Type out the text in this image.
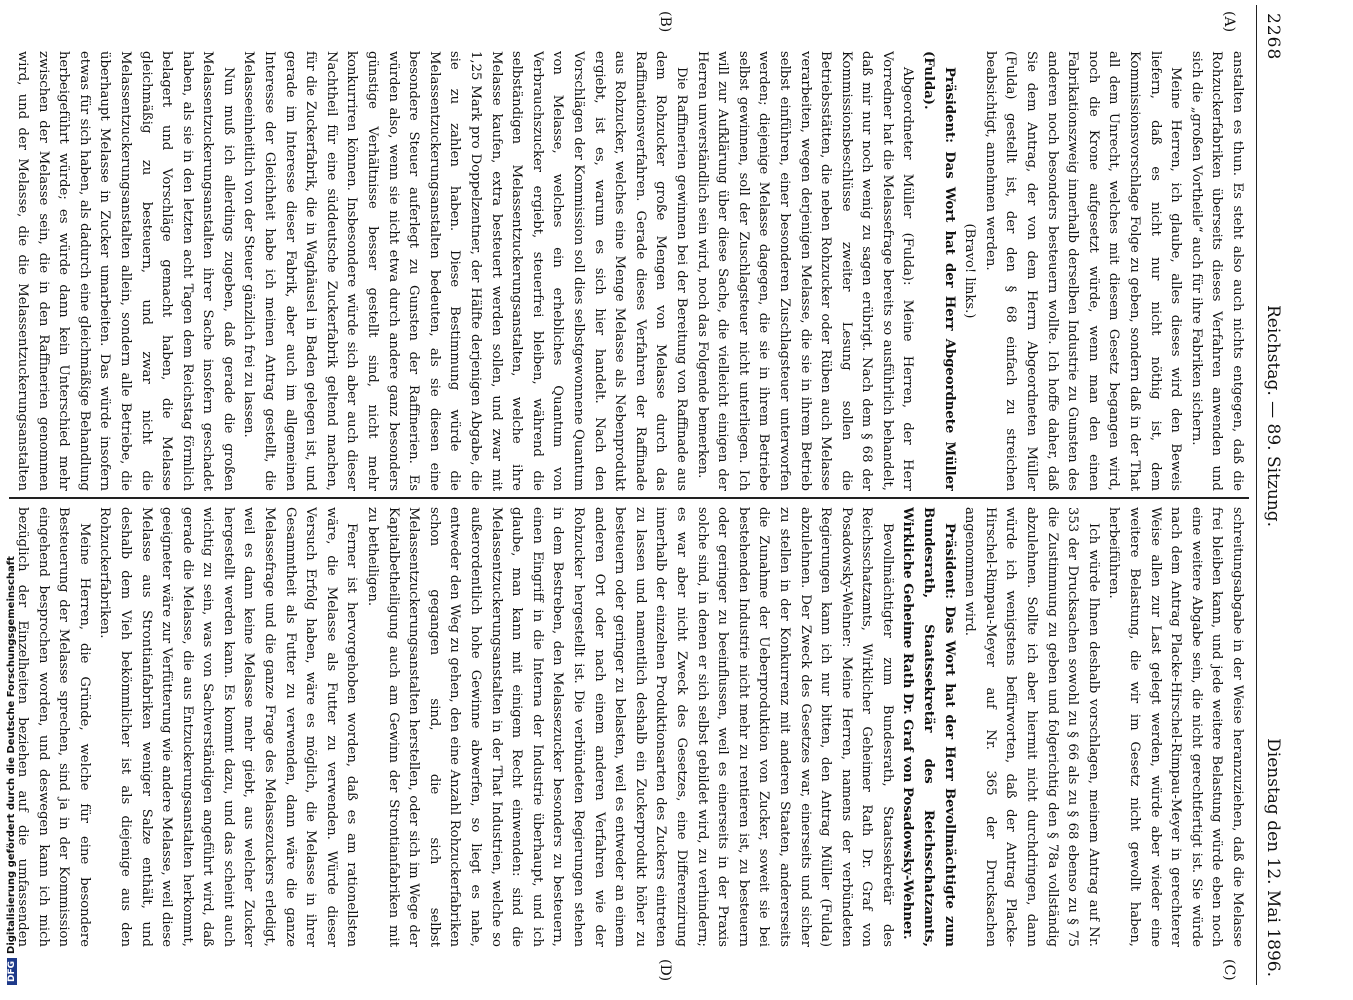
2268
Reichstag. — 89. Sitzung.
Dienstag den 12. Mai 1896.
(A)
(B)
(C)
(D)

anstalten es thun. Es steht also auch nichts entgegen, daß die Rohzuckerfabriken überseits dieses Verfahren anwenden und sich die „großen Vortheile“ auch für ihre Fabriken sichern.

Meine Herren, ich glaube, alles dieses wird den Beweis liefern, daß es nicht nur nicht nöthig ist, dem Kommissionsvorschlage Folge zu geben, sondern daß in der That all dem Unrecht, welches mit diesem Gesetz begangen wird, noch die Krone aufgesetzt würde, wenn man den einen Fabrikationszweig innerhalb derselben Industrie zu Gunsten des anderen noch besonders besteuern wollte. Ich hoffe daher, daß Sie dem Antrag, der von dem Herrn Abgeordneten Müller (Fulda) gestellt ist, der den § 68 einfach zu streichen beabsichtigt, annehmen werden.

(Bravo! links.)

Präsident: Das Wort hat der Herr Abgeordnete Müller (Fulda).

Abgeordneter Müller (Fulda): Meine Herren, der Herr Vorredner hat die Melassefrage bereits so ausführlich behandelt, daß mir nur noch wenig zu sagen erübrigt. Nach dem § 68 der Kommissionsbeschlüsse zweiter Lesung sollen die Betriebsstätten, die neben Rohzucker oder Rüben auch Melasse verarbeiten, wegen derjenigen Melasse, die sie in ihrem Betrieb selbst einführen, einer besonderen Zuschlagsteuer unterworfen werden; diejenige Melasse dagegen, die sie in ihrem Betriebe selbst gewinnen, soll der Zuschlagsteuer nicht unterliegen. Ich will zur Aufklärung über diese Sache, die vielleicht einigen der Herren unverständlich sein wird, noch das Folgende bemerken.

Die Raffinerien gewinnen bei der Bereitung von Raffinade aus dem Rohzucker große Mengen von Melasse durch das Raffinationsverfahren. Gerade dieses Verfahren der Raffinade aus Rohzucker, welches eine Menge Melasse als Nebenprodukt ergiebt, ist es, warum es sich hier handelt. Nach den Vorschlägen der Kommission soll dies selbstgewonnene Quantum von Melasse, welches ein erhebliches Quantum von Verbrauchszucker ergiebt, steuerfrei bleiben, während die selbständigen Melassentzuckerungsanstalten, welche ihre Melasse kaufen, extra besteuert werden sollen, und zwar mit 1,25 Mark pro Doppelzentner, der Hälfte derjenigen Abgabe, die sie zu zahlen haben. Diese Bestimmung würde die Melassentzuckerungsanstalten bedeuten, als sie diesen eine besondere Steuer auferlegt zu Gunsten der Raffinerien. Es würden also, wenn sie nicht etwa durch andere ganz besonders günstige Verhältnisse besser gestellt sind, nicht mehr konkurriren können. Insbesondere würde sich aber auch dieser Nachtheil für eine süddeutsche Zuckerfabrik geltend machen, für die Zuckerfabrik, die in Waghäusel in Baden gelegen ist, und gerade im Interesse dieser Fabrik, aber auch im allgemeinen Interesse der Gleichheit habe ich meinen Antrag gestellt, die Melasseeinheitlich von der Steuer gänzlich frei zu lassen.

Nun muß ich allerdings zugeben, daß gerade die großen Melassentzuckerungsanstalten ihrer Sache insofern geschadet haben, als sie in den letzten acht Tagen dem Reichstag förmlich belagert und Vorschläge gemacht haben, die Melasse gleichmäßig zu besteuern, und zwar nicht die Melassentzuckerungsanstalten allein, sondern alle Betriebe, die überhaupt Melasse in Zucker umarbeiten. Das würde insofern etwas für sich haben, als dadurch eine gleichmäßige Behandlung herbeigeführt würde; es würde dann kein Unterschied mehr zwischen der Melasse sein, die in den Raffinerien genommen wird, und der Melasse, die die Melassentzuckerungsanstalten

schreitungsabgabe in der Weise heranzuziehen, daß die Melasse frei bleiben kann, und jede weitere Belastung würde eben noch eine weitere Abgabe sein, die nicht gerechtfertigt ist. Sie würde nach dem Antrag Placke-Hirschel-Rimpau-Meyer in gerechterer Weise allen zur Last gelegt werden, würde aber wieder eine weitere Belastung, die wir im Gesetz nicht gewollt haben, herbeiführen.

Ich würde Ihnen deshalb vorschlagen, meinem Antrag auf Nr. 353 der Drucksachen sowohl zu § 66 als zu § 68 ebenso zu § 75 die Zustimmung zu geben und folgerichtig den § 78a vollständig abzulehnen. Sollte ich aber hiermit nicht durchdringen, dann würde ich wenigstens befürworten, daß der Antrag Placke-Hirschel-Rimpau-Meyer auf Nr. 365 der Drucksachen angenommen wird.

Präsident: Das Wort hat der Herr Bevollmächtigte zum Bundesrath, Staatssekretär des Reichsschatzamts, Wirkliche Geheime Rath Dr. Graf von Posadowsky-Wehner.

Bevollmächtigter zum Bundesrath, Staatssekretär des Reichsschatzamts, Wirklicher Geheimer Rath Dr. Graf von Posadowsky-Wehner: Meine Herren, namens der verbündeten Regierungen kann ich nur bitten, den Antrag Müller (Fulda) abzulehnen. Der Zweck des Gesetzes war, einerseits und sicher zu stellen in der Konkurrenz mit anderen Staaten, andererseits die Zunahme der Ueberproduktion von Zucker, soweit sie bei bestehenden Industrie nicht mehr zu rentieren ist, zu besteuern oder geringer zu beeinflussen, weil es einerseits in der Praxis solche sind, in denen er sich selbst gebildet wird, zu verhindern; es war aber nicht Zweck des Gesetzes, eine Differenzirung innerhalb der einzelnen Produktionsarten des Zuckers eintreten zu lassen und namentlich deshalb ein Zuckerprodukt höher zu besteuern oder geringer zu belasten, weil es entweder an einem anderen Ort oder nach einem anderen Verfahren wie der Rohzucker hergestellt ist. Die verbündeten Regierungen stehen in dem Bestreben, den Melassezucker besonders zu besteuern, einen Eingriff in die Interna der Industrie überhaupt, und ich glaube, man kann mit einigem Recht einwenden: sind die Melassentzuckerungsanstalten in der That Industrien, welche so außerordentlich hohe Gewinne abwerfen, so liegt es nahe, entweder den Weg zu gehen, den eine Anzahl Rohzuckerfabriken schon gegangen sind, die sich selbst Melassentzuckerungsanstalten herstellen, oder sich im Wege der Kapitalbetheiligung auch am Gewinn der Strontianfabriken mit zu betheiligen.

Ferner ist hervorgehoben worden, daß es am rationellsten wäre, die Melasse als Futter zu verwenden. Würde dieser Versuch Erfolg haben, wäre es möglich, die Melasse in ihrer Gesammtheit als Futter zu verwenden, dann wäre die ganze Melassefrage und die ganze Frage des Melassezuckers erledigt, weil es dann keine Melasse mehr giebt, aus welcher Zucker hergestellt werden kann. Es kommt dazu, und das scheint auch wichtig zu sein, was von Sachverständigen angeführt wird, daß gerade die Melasse, die aus Entzuckerungsanstalten herkommt, geeigneter wäre zur Verfütterung wie andere Melasse, weil diese Melasse aus Strontianfabriken weniger Salze enthält, und deshalb dem Vieh bekömmlicher ist als diejenige aus den Rohzuckerfabriken.

Meine Herren, die Gründe, welche für eine besondere Besteuerung der Melasse sprechen, sind ja in der Kommission eingehend besprochen worden, und deswegen kann ich mich bezüglich der Einzelheiten beziehen auf die umfassenden

DFGDigitalisierung gefördert durch die Deutsche Forschungsgemeinschaft
